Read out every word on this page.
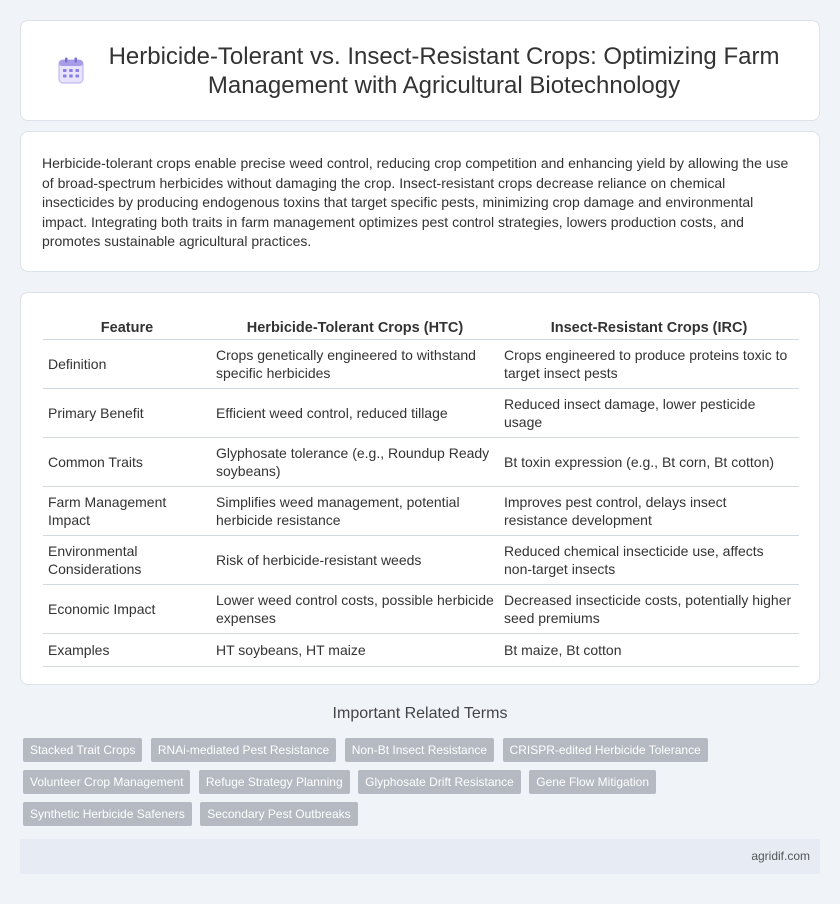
Herbicide-Tolerant vs. Insect-Resistant Crops: Optimizing Farm Management with Agricultural Biotechnology

Herbicide-tolerant crops enable precise weed control, reducing crop competition and enhancing yield by allowing the use of broad-spectrum herbicides without damaging the crop. Insect-resistant crops decrease reliance on chemical insecticides by producing endogenous toxins that target specific pests, minimizing crop damage and environmental impact. Integrating both traits in farm management optimizes pest control strategies, lowers production costs, and promotes sustainable agricultural practices.

Feature	Herbicide-Tolerant Crops (HTC)	Insect-Resistant Crops (IRC)
Definition	Crops genetically engineered to withstand specific herbicides	Crops engineered to produce proteins toxic to target insect pests
Primary Benefit	Efficient weed control, reduced tillage	Reduced insect damage, lower pesticide usage
Common Traits	Glyphosate tolerance (e.g., Roundup Ready soybeans)	Bt toxin expression (e.g., Bt corn, Bt cotton)
Farm Management Impact	Simplifies weed management, potential herbicide resistance	Improves pest control, delays insect resistance development
Environmental Considerations	Risk of herbicide-resistant weeds	Reduced chemical insecticide use, affects non-target insects
Economic Impact	Lower weed control costs, possible herbicide expenses	Decreased insecticide costs, potentially higher seed premiums
Examples	HT soybeans, HT maize	Bt maize, Bt cotton
Important Related Terms
Stacked Trait Crops RNAi-mediated Pest Resistance Non-Bt Insect Resistance CRISPR-edited Herbicide Tolerance Volunteer Crop Management Refuge Strategy Planning Glyphosate Drift Resistance Gene Flow Mitigation Synthetic Herbicide Safeners Secondary Pest Outbreaks
agridif.com
